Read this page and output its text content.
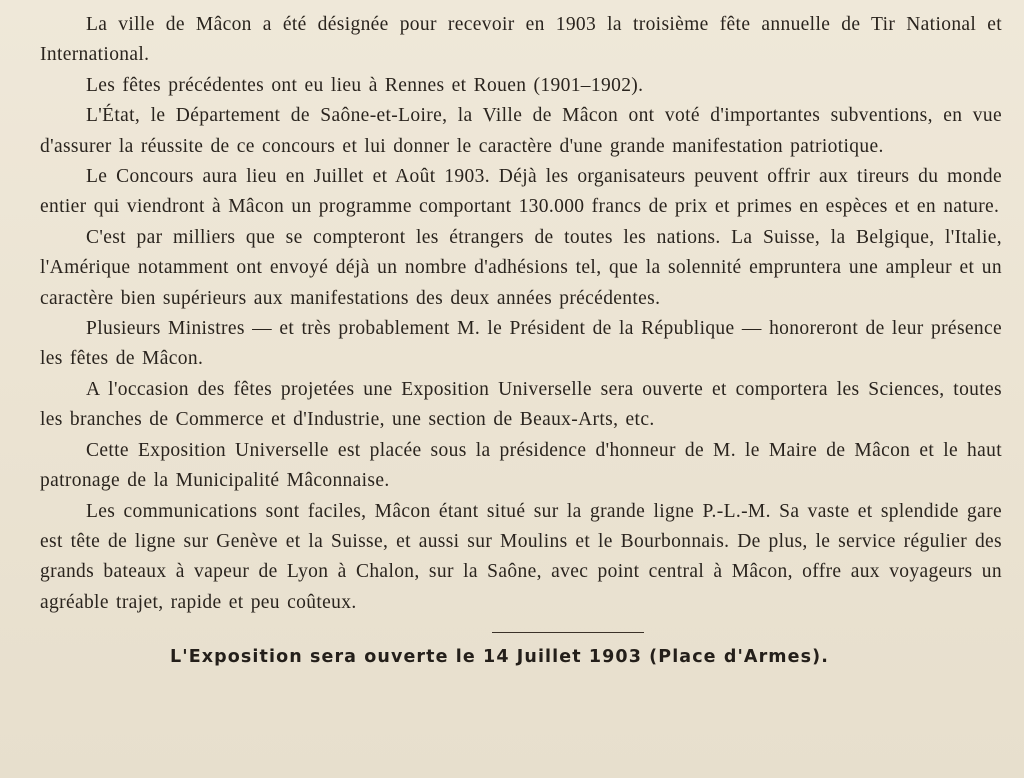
La ville de Mâcon a été désignée pour recevoir en 1903 la troisième fête annuelle de Tir National et International.

Les fêtes précédentes ont eu lieu à Rennes et Rouen (1901–1902).

L'État, le Département de Saône-et-Loire, la Ville de Mâcon ont voté d'importantes subventions, en vue d'assurer la réussite de ce concours et lui donner le caractère d'une grande manifestation patriotique.

Le Concours aura lieu en Juillet et Août 1903. Déjà les organisateurs peuvent offrir aux tireurs du monde entier qui viendront à Mâcon un programme comportant 130.000 francs de prix et primes en espèces et en nature.

C'est par milliers que se compteront les étrangers de toutes les nations. La Suisse, la Belgique, l'Italie, l'Amérique notamment ont envoyé déjà un nombre d'adhésions tel, que la solennité empruntera une ampleur et un caractère bien supérieurs aux manifestations des deux années précédentes.

Plusieurs Ministres — et très probablement M. le Président de la République — honoreront de leur présence les fêtes de Mâcon.

A l'occasion des fêtes projetées une Exposition Universelle sera ouverte et comportera les Sciences, toutes les branches de Commerce et d'Industrie, une section de Beaux-Arts, etc.

Cette Exposition Universelle est placée sous la présidence d'honneur de M. le Maire de Mâcon et le haut patronage de la Municipalité Mâconnaise.

Les communications sont faciles, Mâcon étant situé sur la grande ligne P.-L.-M. Sa vaste et splendide gare est tête de ligne sur Genève et la Suisse, et aussi sur Moulins et le Bourbonnais. De plus, le service régulier des grands bateaux à vapeur de Lyon à Chalon, sur la Saône, avec point central à Mâcon, offre aux voyageurs un agréable trajet, rapide et peu coûteux.

L'Exposition sera ouverte le 14 Juillet 1903 (Place d'Armes).
